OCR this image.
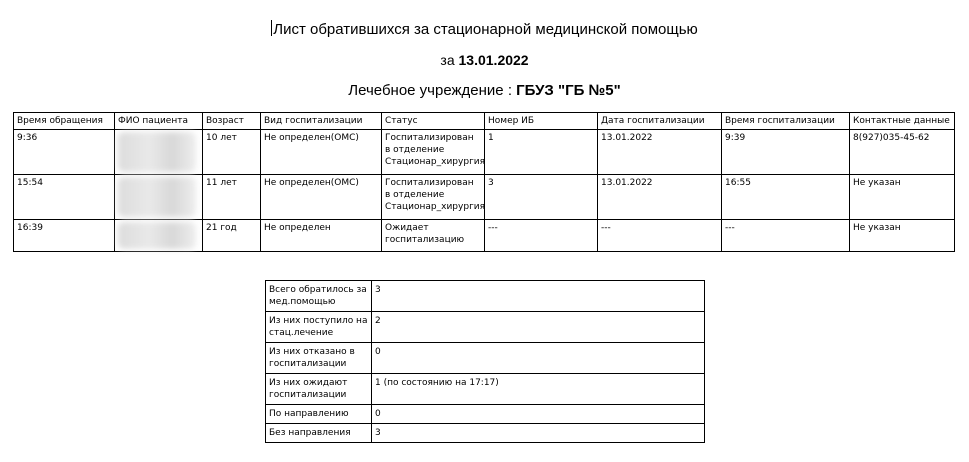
Лист обратившихся за стационарной медицинской помощью
за 13.01.2022
Лечебное учреждение : ГБУЗ "ГБ №5"
Время обращения	ФИО пациента	Возраст	Вид госпитализации	Статус	Номер ИБ	Дата госпитализации	Время госпитализации	Контактные данные
9:36		10 лет	Не определен(ОМС)	Госпитализирован в отделение Стационар_хирургия	1	13.01.2022	9:39	8(927)035-45-62
15:54		11 лет	Не определен(ОМС)	Госпитализирован в отделение Стационар_хирургия	3	13.01.2022	16:55	Не указан
16:39		21 год	Не определен	Ожидает госпитализацию	---	---	---	Не указан
Всего обратилось за мед.помощью	3
Из них поступило на стац.лечение	2
Из них отказано в госпитализации	0
Из них ожидают госпитализации	1 (по состоянию на 17:17)
По направлению	0
Без направления	3
